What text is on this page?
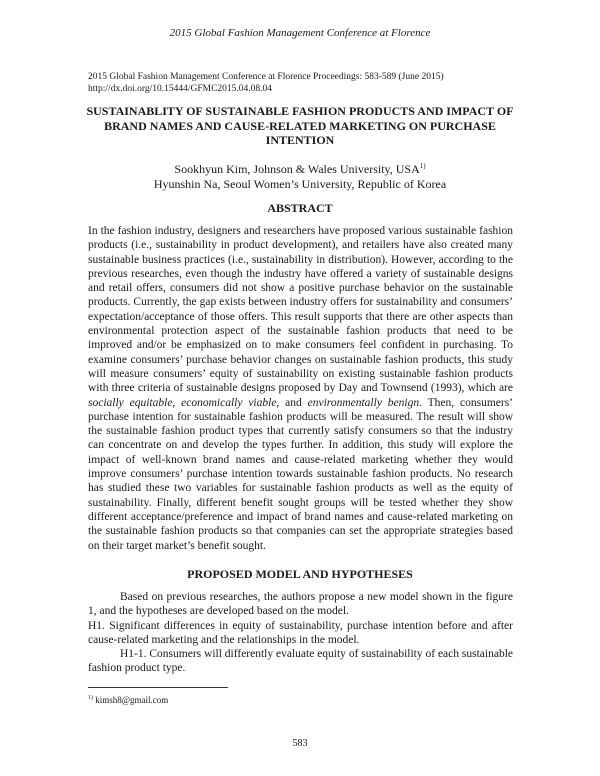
2015 Global Fashion Management Conference at Florence
2015 Global Fashion Management Conference at Florence Proceedings: 583-589 (June 2015)
http://dx.doi.org/10.15444/GFMC2015.04.08.04
SUSTAINABLITY OF SUSTAINABLE FASHION PRODUCTS AND IMPACT OF BRAND NAMES AND CAUSE-RELATED MARKETING ON PURCHASE INTENTION
Sookhyun Kim, Johnson & Wales University, USA$^{1)}$
Hyunshin Na, Seoul Women’s University, Republic of Korea
ABSTRACT

In the fashion industry, designers and researchers have proposed various sustainable fashion products (i.e., sustainability in product development), and retailers have also created many sustainable business practices (i.e., sustainability in distribution). However, according to the previous researches, even though the industry have offered a variety of sustainable designs and retail offers, consumers did not show a positive purchase behavior on the sustainable products. Currently, the gap exists between industry offers for sustainability and consumers’ expectation/acceptance of those offers. This result supports that there are other aspects than environmental protection aspect of the sustainable fashion products that need to be improved and/or be emphasized on to make consumers feel confident in purchasing. To examine consumers’ purchase behavior changes on sustainable fashion products, this study will measure consumers’ equity of sustainability on existing sustainable fashion products with three criteria of sustainable designs proposed by Day and Townsend (1993), which are socially equitable, economically viable, and environmentally benign. Then, consumers’ purchase intention for sustainable fashion products will be measured. The result will show the sustainable fashion product types that currently satisfy consumers so that the industry can concentrate on and develop the types further. In addition, this study will explore the impact of well-known brand names and cause-related marketing whether they would improve consumers’ purchase intention towards sustainable fashion products. No research has studied these two variables for sustainable fashion products as well as the equity of sustainability. Finally, different benefit sought groups will be tested whether they show different acceptance/preference and impact of brand names and cause-related marketing on the sustainable fashion products so that companies can set the appropriate strategies based on their target market’s benefit sought.

PROPOSED MODEL AND HYPOTHESES

Based on previous researches, the authors propose a new model shown in the figure 1, and the hypotheses are developed based on the model.

H1. Significant differences in equity of sustainability, purchase intention before and after cause-related marketing and the relationships in the model.

H1-1. Consumers will differently evaluate equity of sustainability of each sustainable fashion product type.

$^{1)}$ kimsh8@gmail.com
583
